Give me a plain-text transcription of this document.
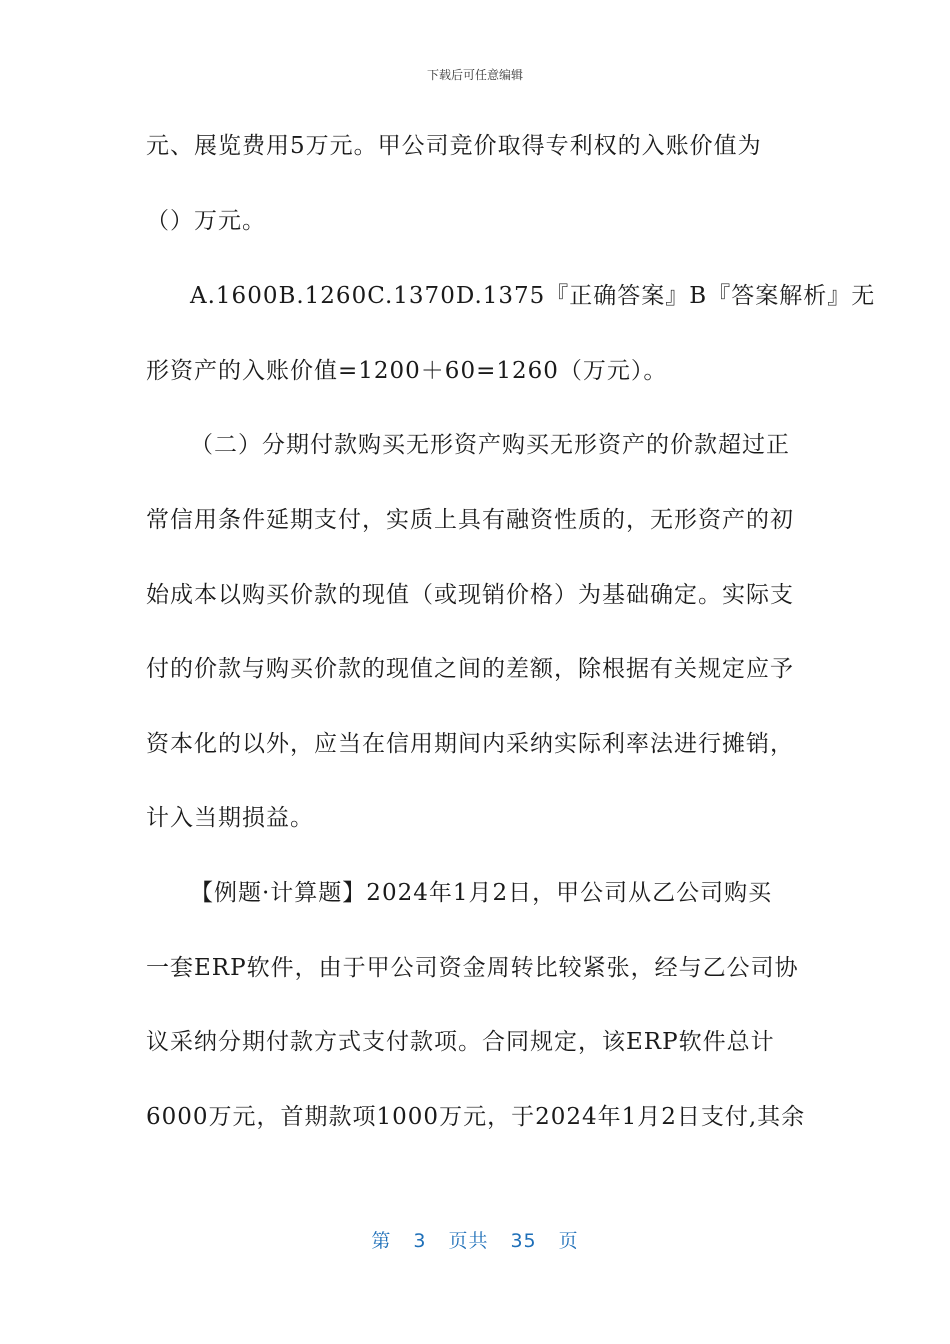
下载后可任意编辑
元、展览费用5万元。甲公司竞价取得专利权的入账价值为
（）万元。
A.1600B.1260C.1370D.1375『正确答案』B『答案解析』无
形资产的入账价值=1200＋60=1260（万元）。
（二）分期付款购买无形资产购买无形资产的价款超过正
常信用条件延期支付，实质上具有融资性质的，无形资产的初
始成本以购买价款的现值（或现销价格）为基础确定。实际支
付的价款与购买价款的现值之间的差额，除根据有关规定应予
资本化的以外，应当在信用期间内采纳实际利率法进行摊销，
计入当期损益。
【例题·计算题】2024年1月2日，甲公司从乙公司购买
一套ERP软件，由于甲公司资金周转比较紧张，经与乙公司协
议采纳分期付款方式支付款项。合同规定，该ERP软件总计
6000万元，首期款项1000万元，于2024年1月2日支付,其余
第 3 页共 35 页
